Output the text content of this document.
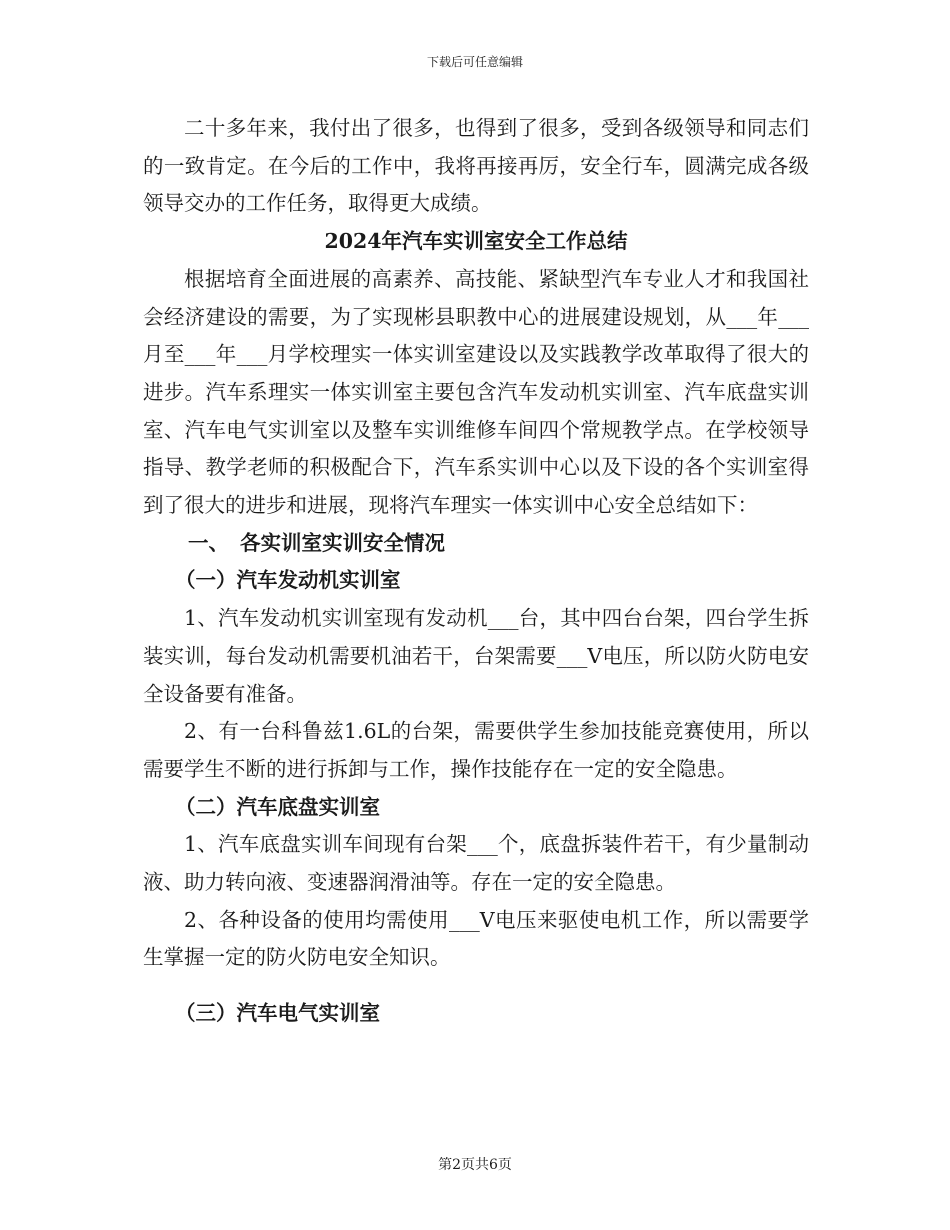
下载后可任意编辑

二十多年来，我付出了很多，也得到了很多，受到各级领导和同志们的一致肯定。在今后的工作中，我将再接再厉，安全行车，圆满完成各级领导交办的工作任务，取得更大成绩。

2024年汽车实训室安全工作总结

根据培育全面进展的高素养、高技能、紧缺型汽车专业人才和我国社会经济建设的需要，为了实现彬县职教中心的进展建设规划，从___年___月至___年___月学校理实一体实训室建设以及实践教学改革取得了很大的进步。汽车系理实一体实训室主要包含汽车发动机实训室、汽车底盘实训室、汽车电气实训室以及整车实训维修车间四个常规教学点。在学校领导指导、教学老师的积极配合下，汽车系实训中心以及下设的各个实训室得到了很大的进步和进展，现将汽车理实一体实训中心安全总结如下：

一、 各实训室实训安全情况

（一）汽车发动机实训室

1、汽车发动机实训室现有发动机___台，其中四台台架，四台学生拆装实训，每台发动机需要机油若干，台架需要___V电压，所以防火防电安全设备要有准备。

2、有一台科鲁兹1.6L的台架，需要供学生参加技能竞赛使用，所以需要学生不断的进行拆卸与工作，操作技能存在一定的安全隐患。

（二）汽车底盘实训室

1、汽车底盘实训车间现有台架___个，底盘拆装件若干，有少量制动液、助力转向液、变速器润滑油等。存在一定的安全隐患。

2、各种设备的使用均需使用___V电压来驱使电机工作，所以需要学生掌握一定的防火防电安全知识。

（三）汽车电气实训室

第2页共6页
